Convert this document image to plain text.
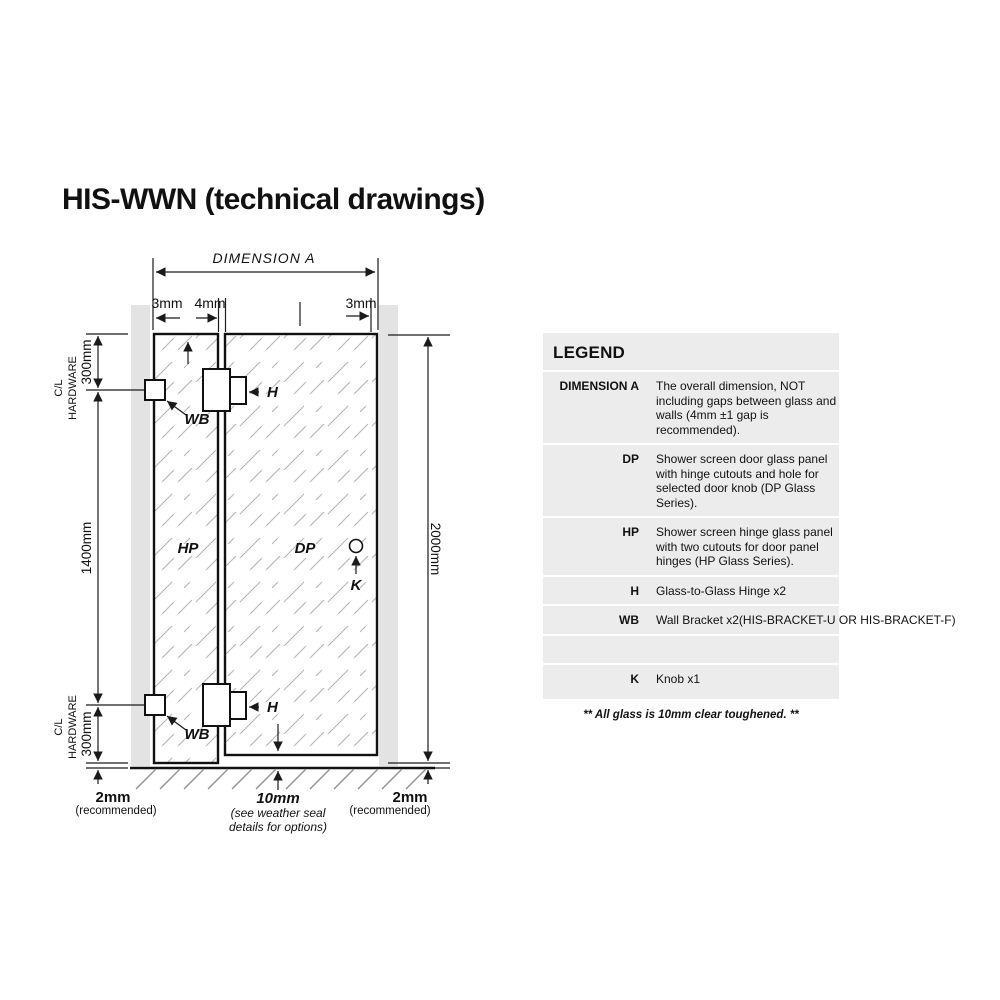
HIS-WWN (technical drawings)
DIMENSION A
3mm 4mm	3mm
C/L HARDWARE 300mm
1400mm
C/L HARDWARE 300mm
2000mm
WB
H
WB
H
HP	DP
K
2mm
(recommended)
10mm
(see weather seal
details for options)
2mm
(recommended)
LEGEND
DIMENSION A The overall dimension, NOT including gaps between glass and walls (4mm ±1 gap is recommended).
DP Shower screen door glass panel with hinge cutouts and hole for selected door knob (DP Glass Series).
HP Shower screen hinge glass panel with two cutouts for door panel hinges (HP Glass Series).
H Glass-to-Glass Hinge x2
WB Wall Bracket x2(HIS-BRACKET-U OR HIS-BRACKET-F)
K Knob x1
** All glass is 10mm clear toughened. **
